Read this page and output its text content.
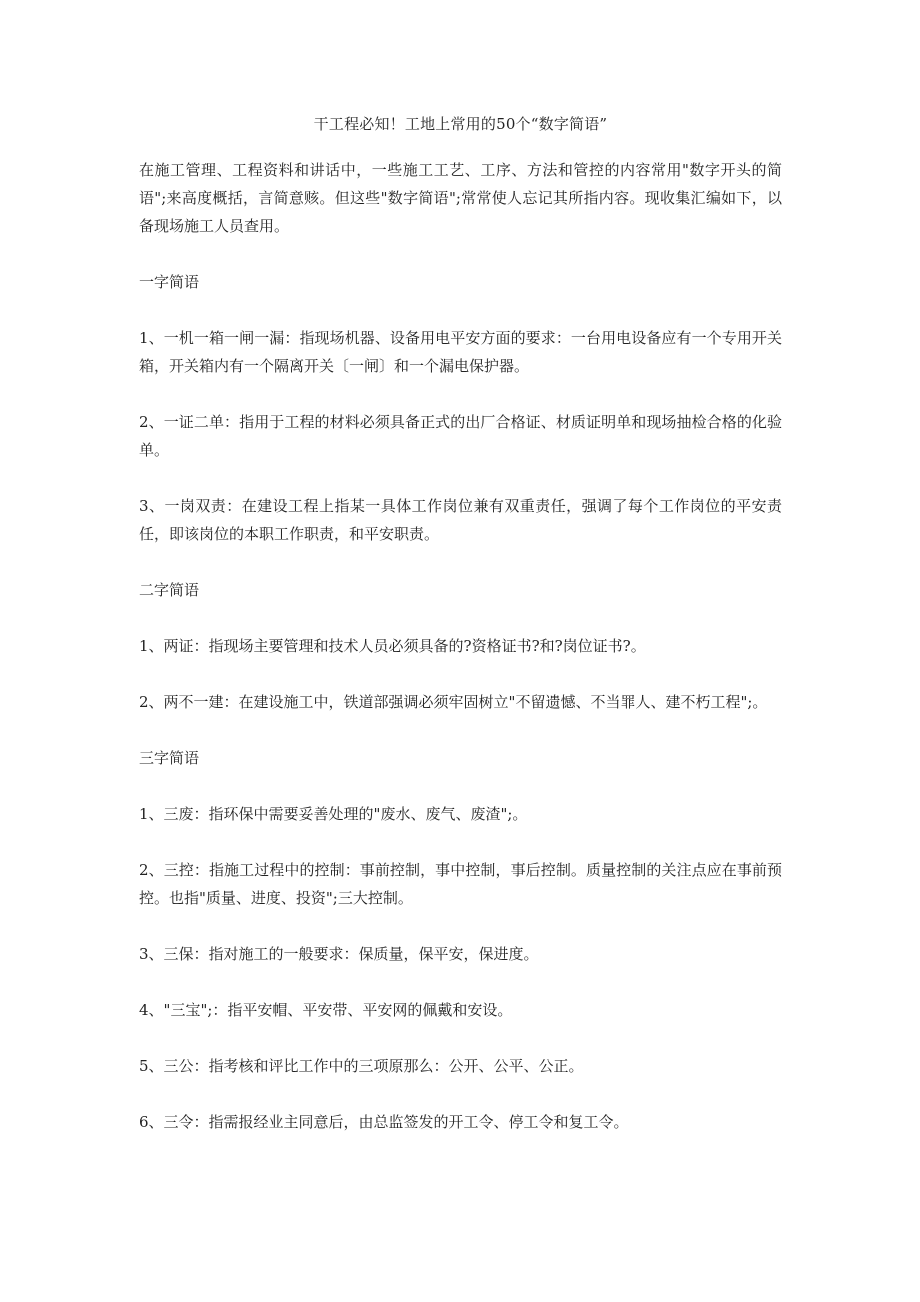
干工程必知！工地上常用的50个“数字简语”

在施工管理、工程资料和讲话中，一些施工工艺、工序、方法和管控的内容常用"数字开头的简语";来高度概括，言简意赅。但这些"数字简语";常常使人忘记其所指内容。现收集汇编如下，以备现场施工人员查用。

一字简语

1、一机一箱一闸一漏：指现场机器、设备用电平安方面的要求：一台用电设备应有一个专用开关箱，开关箱内有一个隔离开关〔一闸〕和一个漏电保护器。

2、一证二单：指用于工程的材料必须具备正式的出厂合格证、材质证明单和现场抽检合格的化验单。

3、一岗双责：在建设工程上指某一具体工作岗位兼有双重责任，强调了每个工作岗位的平安责任，即该岗位的本职工作职责，和平安职责。

二字简语

1、两证：指现场主要管理和技术人员必须具备的?资格证书?和?岗位证书?。

2、两不一建：在建设施工中，铁道部强调必须牢固树立"不留遗憾、不当罪人、建不朽工程";。

三字简语

1、三废：指环保中需要妥善处理的"废水、废气、废渣";。

2、三控：指施工过程中的控制：事前控制，事中控制，事后控制。质量控制的关注点应在事前预控。也指"质量、进度、投资";三大控制。

3、三保：指对施工的一般要求：保质量，保平安，保进度。

4、"三宝";：指平安帽、平安带、平安网的佩戴和安设。

5、三公：指考核和评比工作中的三项原那么：公开、公平、公正。

6、三令：指需报经业主同意后，由总监签发的开工令、停工令和复工令。
